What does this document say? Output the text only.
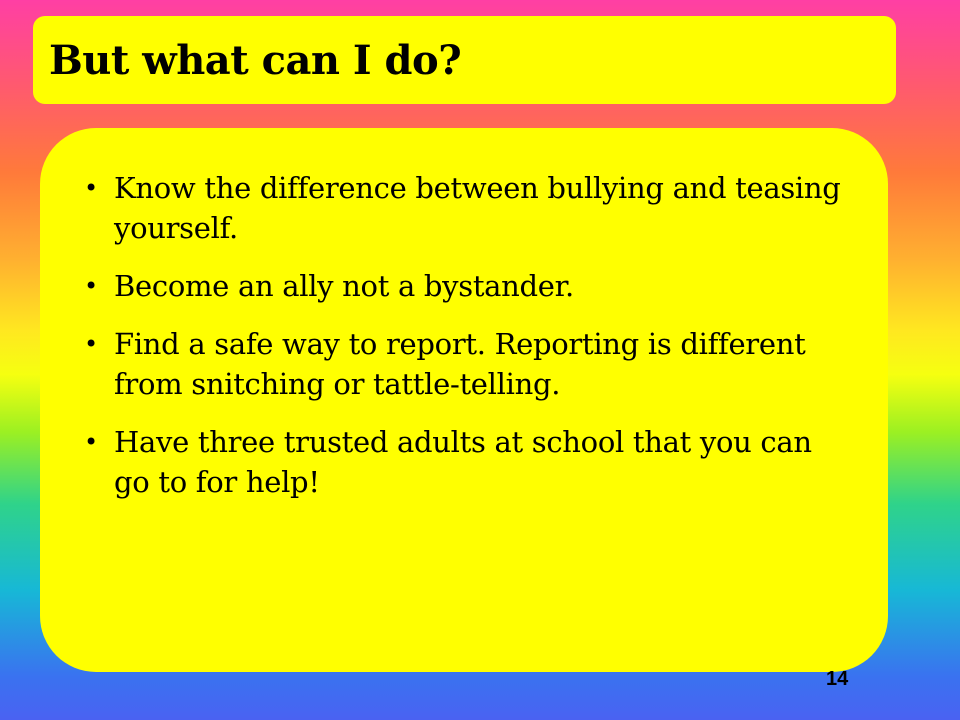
But what can I do?
• Know the difference between bullying and teasing yourself.
• Become an ally not a bystander.
• Find a safe way to report. Reporting is different from snitching or tattle-telling.
• Have three trusted adults at school that you can go to for help!
14
